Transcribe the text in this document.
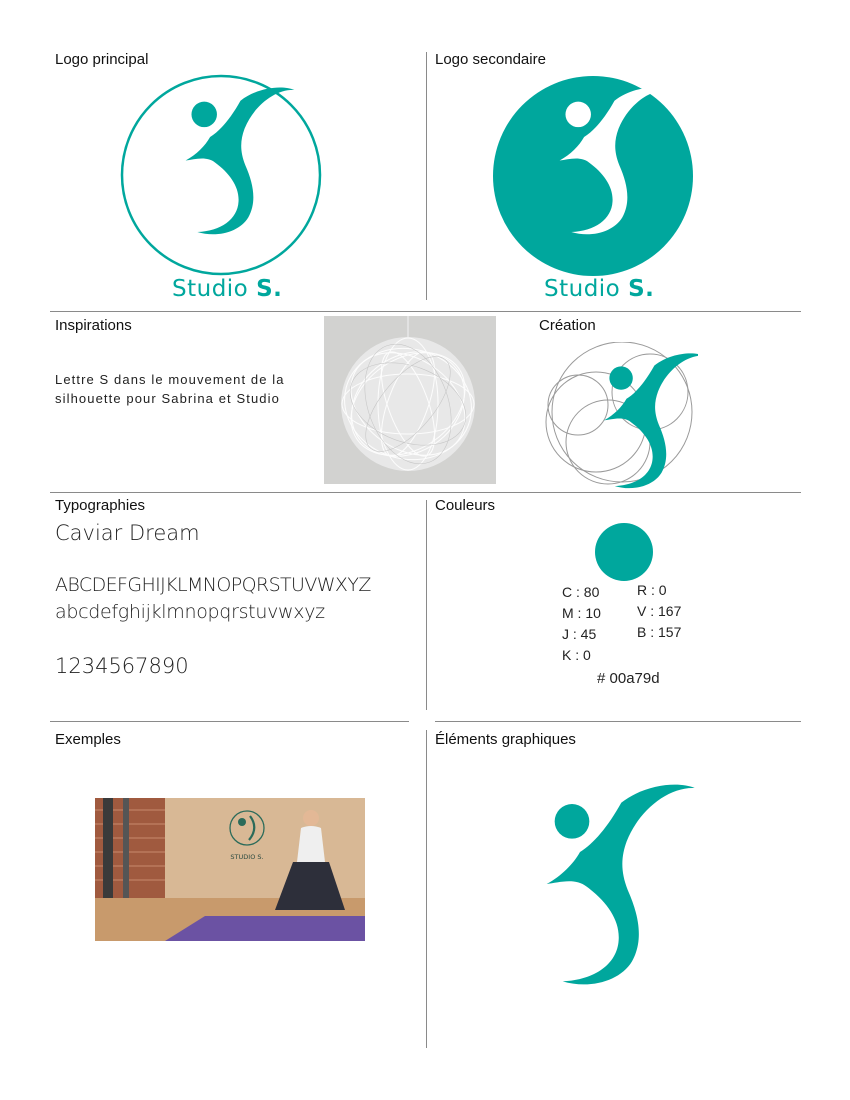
Logo principal
Studio S.
Logo secondaire
Studio S.
Inspirations
Lettre S dans le mouvement de la silhouette pour Sabrina et Studio
Création
Typographies
Caviar Dream
ABCDEFGHIJKLMNOPQRSTUVWXYZ
abcdefghijklmnopqrstuvwxyz
1234567890
Couleurs
C : 80
M : 10
J : 45
K : 0
R : 0
V : 167
B : 157
# 00a79d
Exemples
STUDIO S.
Éléments graphiques
